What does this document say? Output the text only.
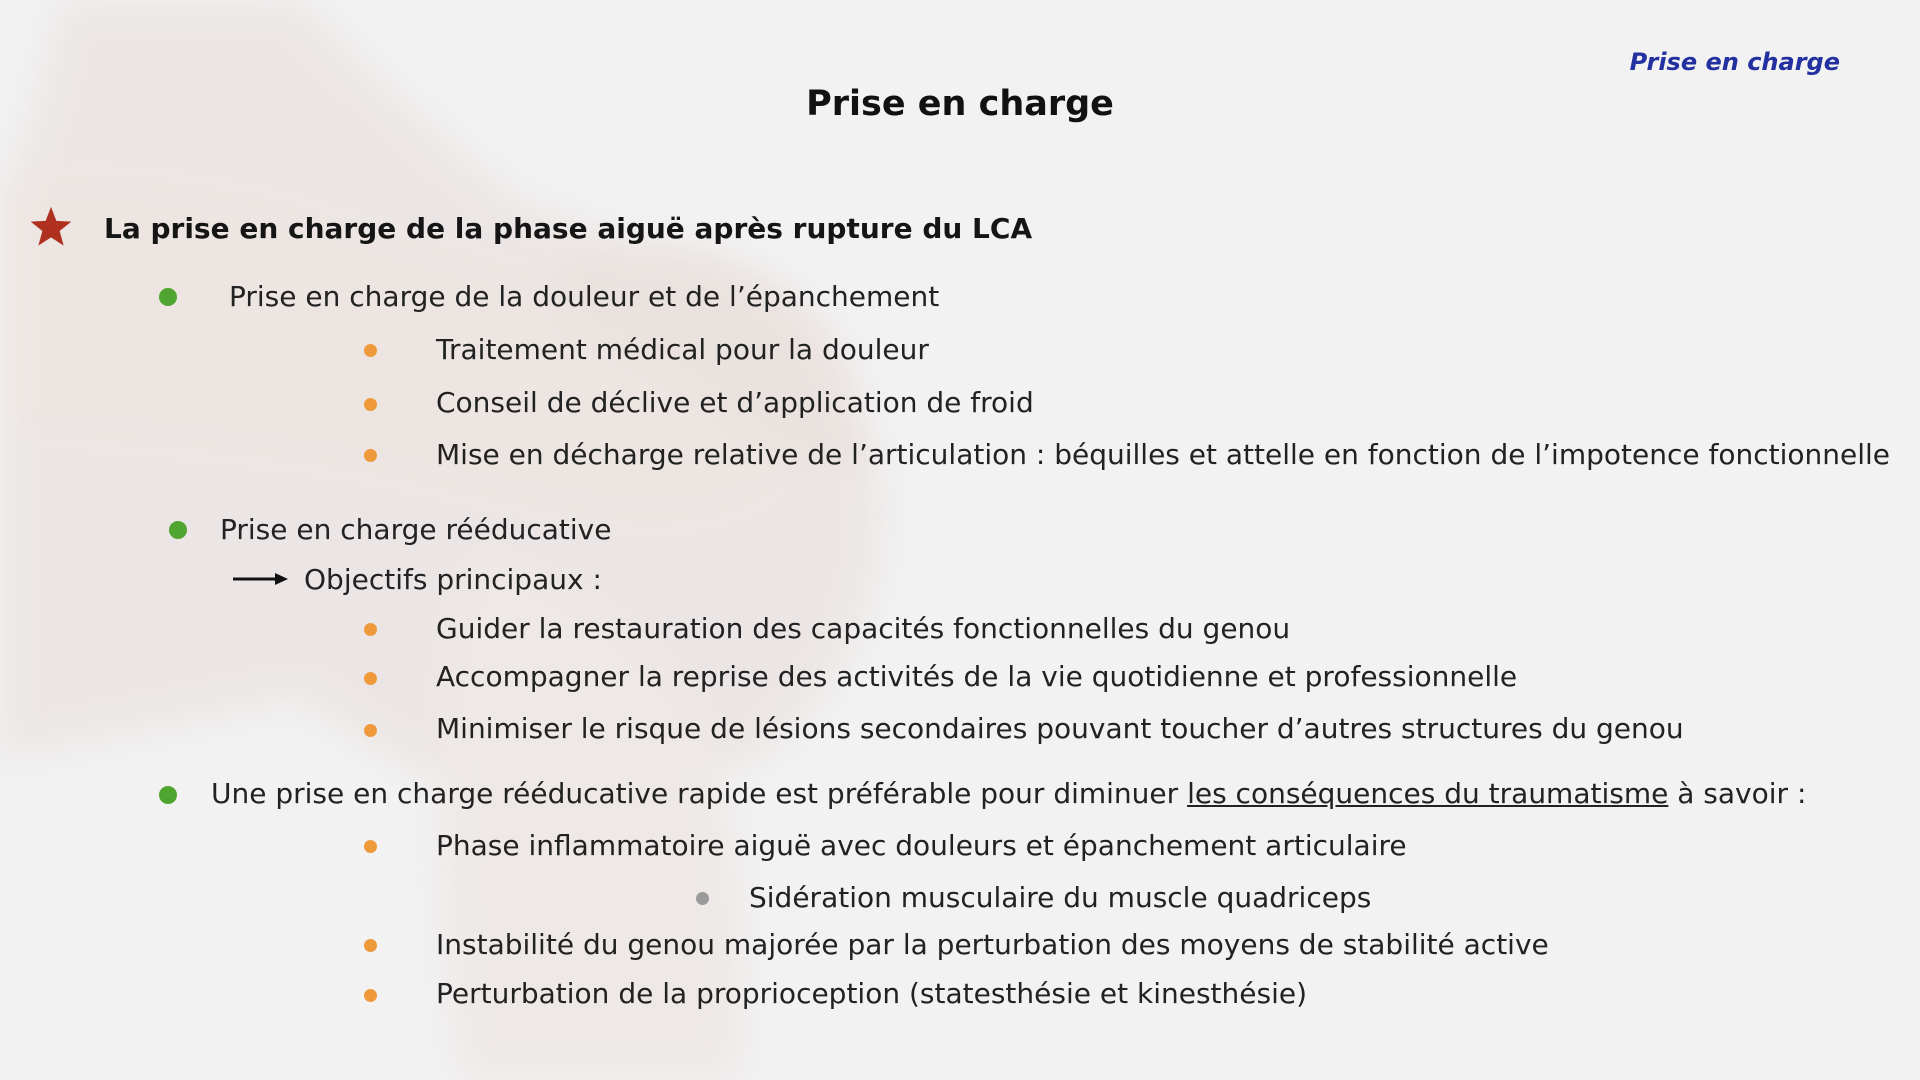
Prise en charge
Prise en charge
La prise en charge de la phase aiguë après rupture du LCA
Prise en charge de la douleur et de l’épanchement
Traitement médical pour la douleur
Conseil de déclive et d’application de froid
Mise en décharge relative de l’articulation : béquilles et attelle en fonction de l’impotence fonctionnelle
Prise en charge rééducative
Objectifs principaux :
Guider la restauration des capacités fonctionnelles du genou
Accompagner la reprise des activités de la vie quotidienne et professionnelle
Minimiser le risque de lésions secondaires pouvant toucher d’autres structures du genou
Une prise en charge rééducative rapide est préférable pour diminuer les conséquences du traumatisme à savoir :
Phase inflammatoire aiguë avec douleurs et épanchement articulaire
Sidération musculaire du muscle quadriceps
Instabilité du genou majorée par la perturbation des moyens de stabilité active
Perturbation de la proprioception (statesthésie et kinesthésie)
